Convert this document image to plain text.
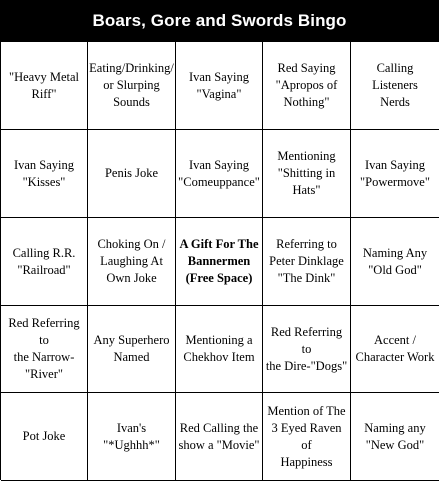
Boars, Gore and Swords Bingo
"Heavy Metal
Riff"
Eating/Drinking/
or Slurping
Sounds
Ivan Saying
"Vagina"
Red Saying
"Apropos of
Nothing"
Calling Listeners
Nerds
Ivan Saying
"Kisses"
Penis Joke
Ivan Saying
"Comeuppance"
Mentioning
"Shitting in
Hats"
Ivan Saying
"Powermove"
Calling R.R.
"Railroad"
Choking On /
Laughing At
Own Joke
A Gift For The
Bannermen
(Free Space)
Referring to
Peter Dinklage
"The Dink"
Naming Any
"Old God"
Red Referring to
the Narrow-
"River"
Any Superhero
Named
Mentioning a
Chekhov Item
Red Referring to
the Dire-"Dogs"
Accent /
Character Work
Pot Joke
Ivan's
"*Ughhh*"
Red Calling the
show a "Movie"
Mention of The
3 Eyed Raven of
Happiness
Naming any
"New God"
